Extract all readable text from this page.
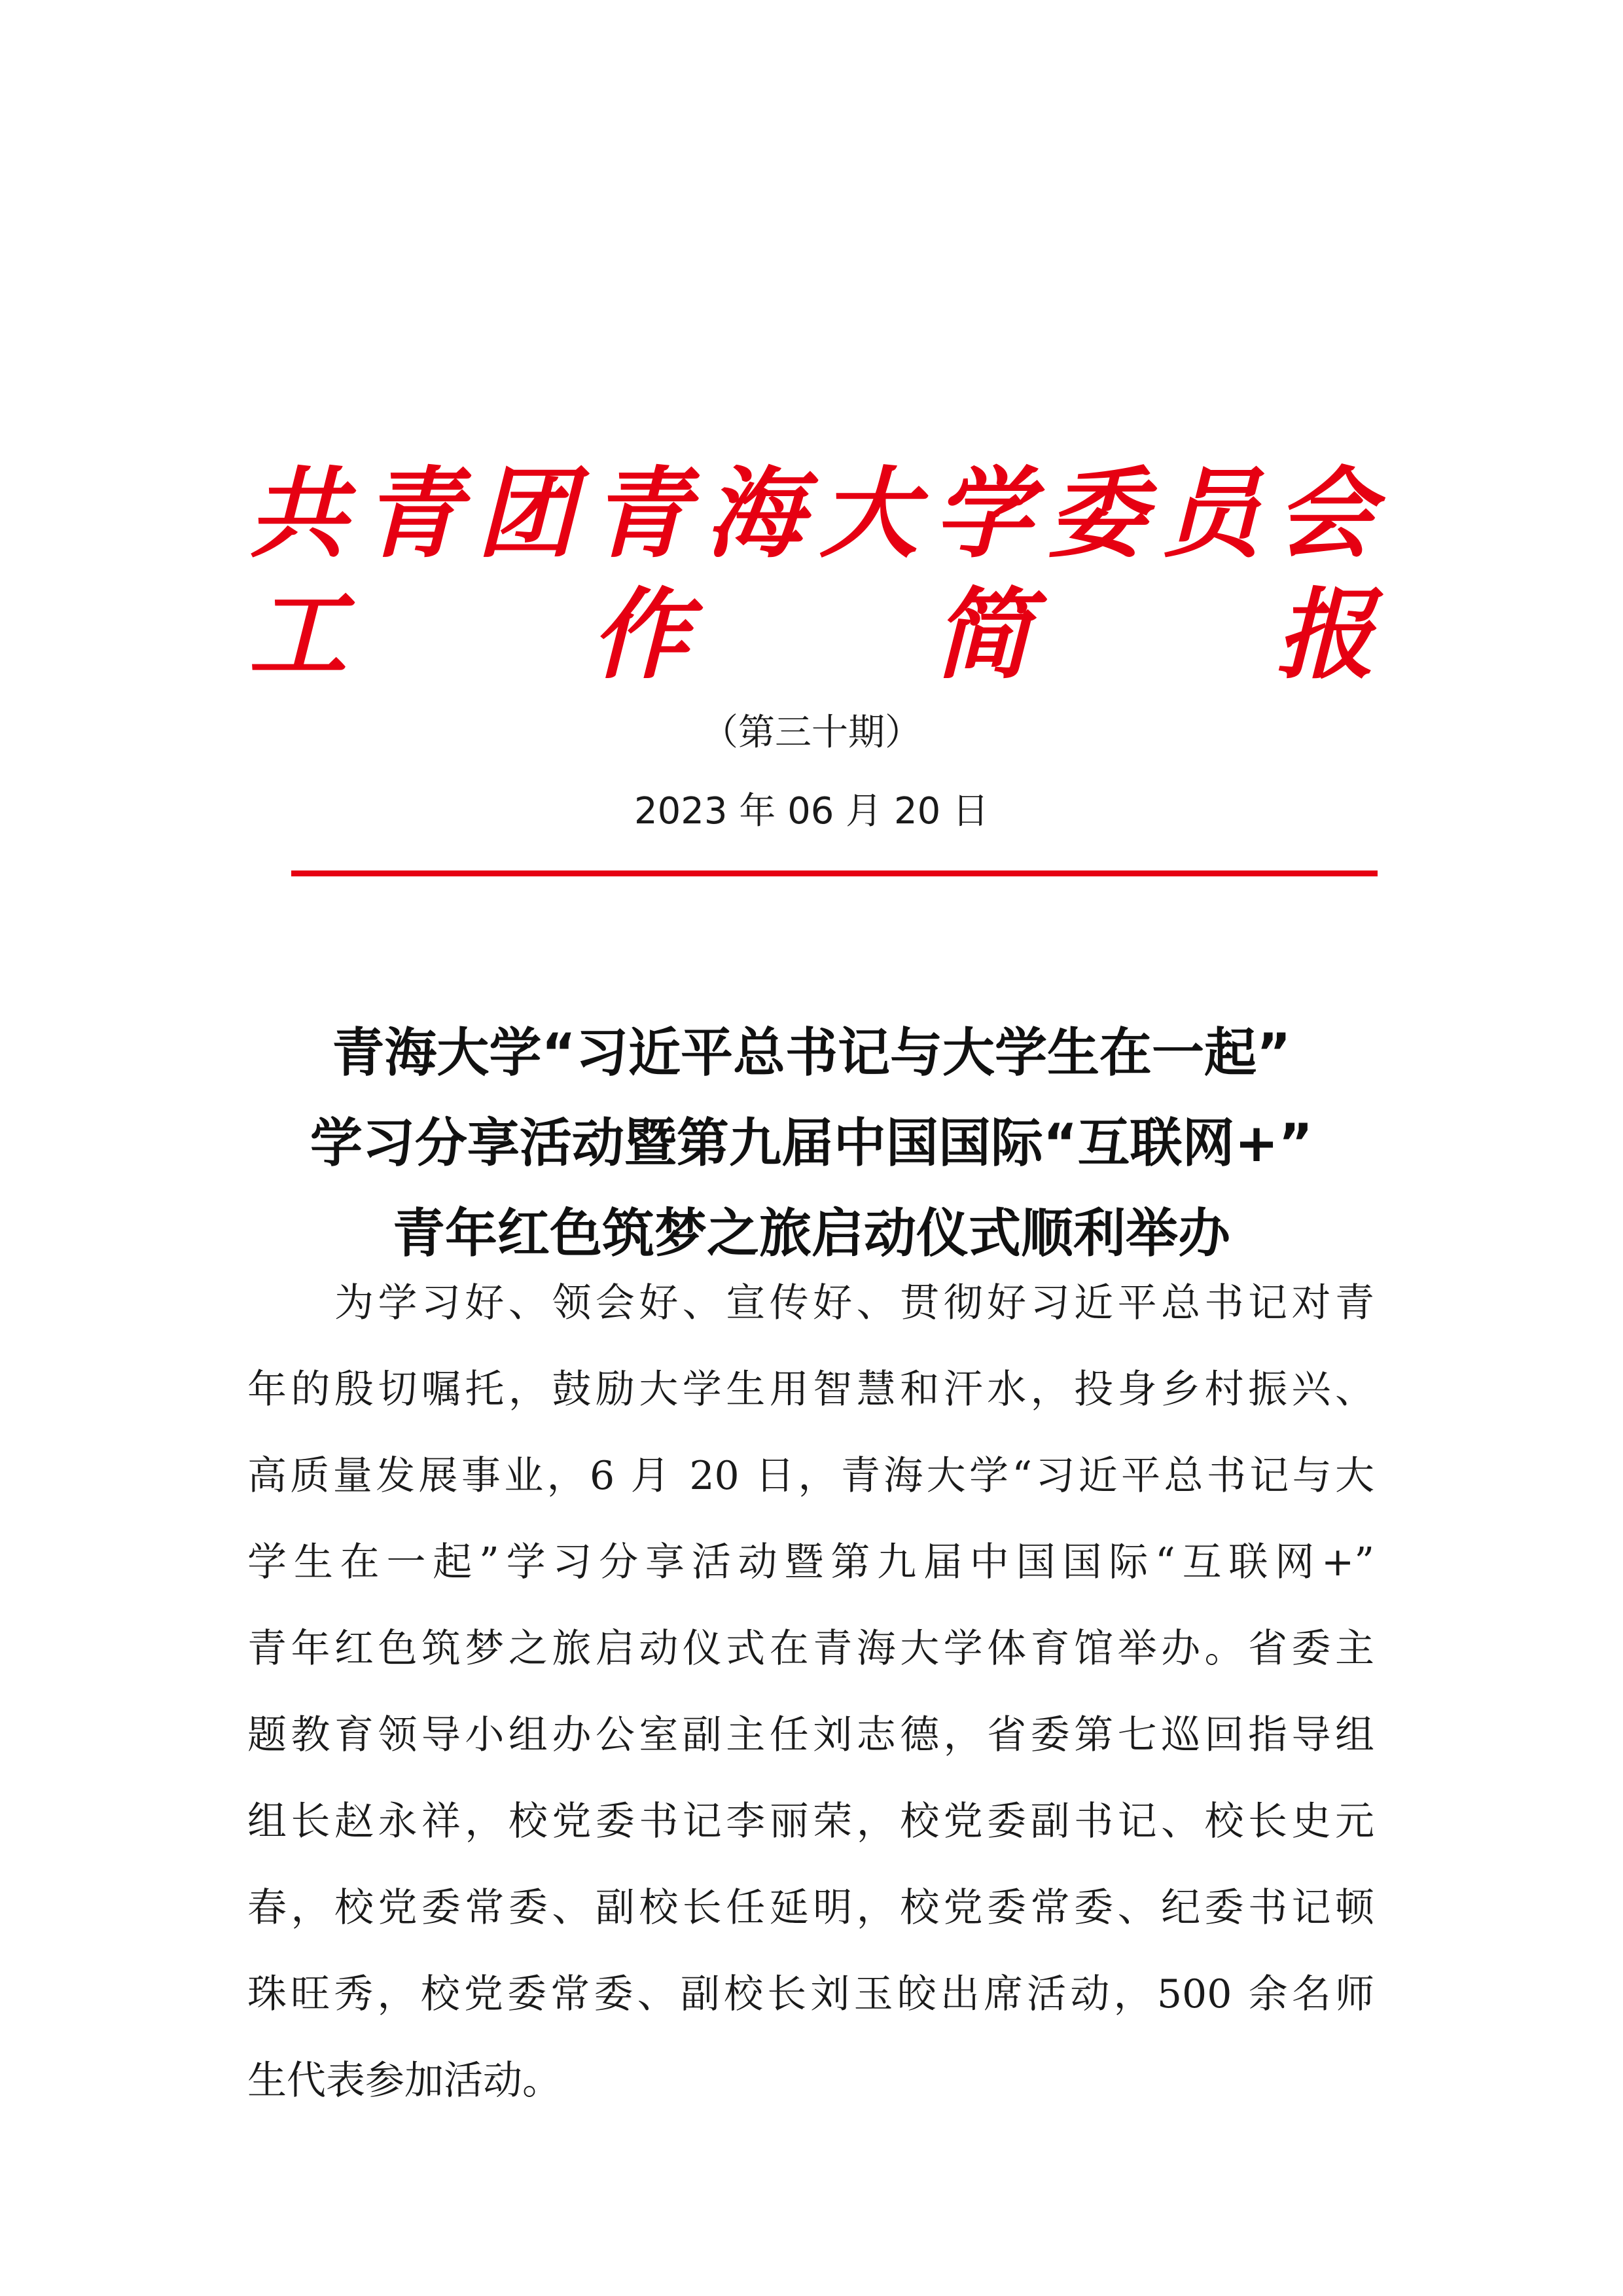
共 青 团 青 海 大 学 委 员 会
工 作 简 报
（第三十期）
2023 年 06 月 20 日
青海大学“习近平总书记与大学生在一起”
学习分享活动暨第九届中国国际“互联网+”
青年红色筑梦之旅启动仪式顺利举办
　　为学习好、领会好、宣传好、贯彻好习近平总书记对青
年的殷切嘱托，鼓励大学生用智慧和汗水，投身乡村振兴、
高质量发展事业，6 月 20 日，青海大学“习近平总书记与大
学生在一起”学习分享活动暨第九届中国国际“互联网+”
青年红色筑梦之旅启动仪式在青海大学体育馆举办。省委主
题教育领导小组办公室副主任刘志德，省委第七巡回指导组
组长赵永祥，校党委书记李丽荣，校党委副书记、校长史元
春，校党委常委、副校长任延明，校党委常委、纪委书记顿
珠旺秀，校党委常委、副校长刘玉皎出席活动，500 余名师
生代表参加活动。
